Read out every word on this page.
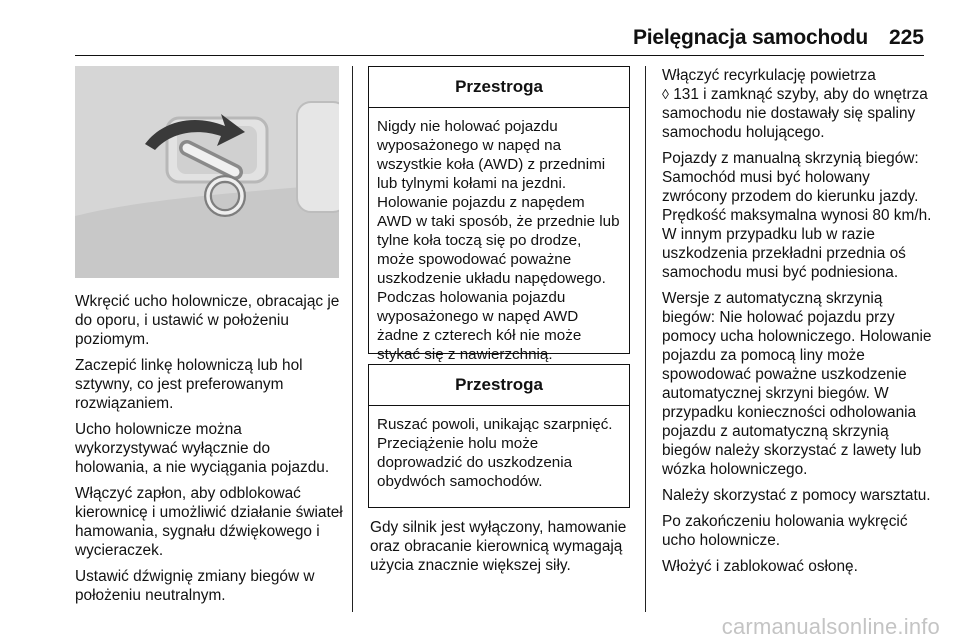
Pielęgnacja samochodu 225

Wkręcić ucho holownicze, obracając je do oporu, i ustawić w położeniu poziomym.

Zaczepić linkę holowniczą lub hol sztywny, co jest preferowanym rozwiązaniem.

Ucho holownicze można wykorzystywać wyłącznie do holowania, a nie wyciągania pojazdu.

Włączyć zapłon, aby odblokować kierownicę i umożliwić działanie świateł hamowania, sygnału dźwiękowego i wycieraczek.

Ustawić dźwignię zmiany biegów w położeniu neutralnym.

Przestroga
Nigdy nie holować pojazdu wyposażonego w napęd na wszystkie koła (AWD) z przednimi lub tylnymi kołami na jezdni. Holowanie pojazdu z napędem AWD w taki sposób, że przednie lub tylne koła toczą się po drodze, może spowodować poważne uszkodzenie układu napędowego. Podczas holowania pojazdu wyposażonego w napęd AWD żadne z czterech kół nie może stykać się z nawierzchnią.
Przestroga
Ruszać powoli, unikając szarpnięć. Przeciążenie holu może doprowadzić do uszkodzenia obydwóch samochodów.

Gdy silnik jest wyłączony, hamowanie oraz obracanie kierownicą wymagają użycia znacznie większej siły.

Włączyć recyrkulację powietrza
◊ 131 i zamknąć szyby, aby do wnętrza samochodu nie dostawały się spaliny samochodu holującego.

Pojazdy z manualną skrzynią biegów: Samochód musi być holowany zwrócony przodem do kierunku jazdy. Prędkość maksymalna wynosi 80 km/h. W innym przypadku lub w razie uszkodzenia przekładni przednia oś samochodu musi być podniesiona.

Wersje z automatyczną skrzynią biegów: Nie holować pojazdu przy pomocy ucha holowniczego. Holowanie pojazdu za pomocą liny może spowodować poważne uszkodzenie automatycznej skrzyni biegów. W przypadku konieczności odholowania pojazdu z automatyczną skrzynią biegów należy skorzystać z lawety lub wózka holowniczego.

Należy skorzystać z pomocy warsztatu.

Po zakończeniu holowania wykręcić ucho holownicze.

Włożyć i zablokować osłonę.

carmanualsonline.info
